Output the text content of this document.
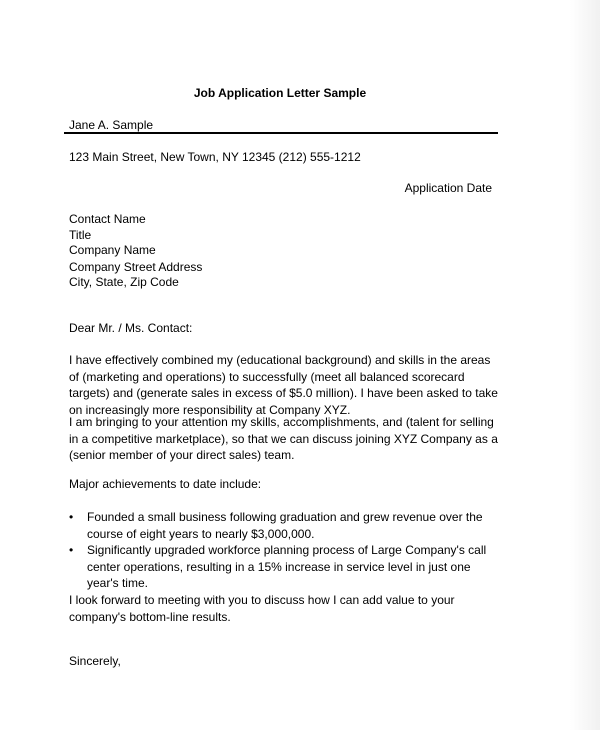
Job Application Letter Sample
Jane A. Sample
123 Main Street, New Town, NY 12345 (212) 555-1212
Application Date
Contact Name
Title
Company Name
Company Street Address
City, State, Zip Code
Dear Mr. / Ms. Contact:
I have effectively combined my (educational background) and skills in the areas of (marketing and operations) to successfully (meet all balanced scorecard targets) and (generate sales in excess of $5.0 million). I have been asked to take on increasingly more responsibility at Company XYZ.
I am bringing to your attention my skills, accomplishments, and (talent for selling in a competitive marketplace), so that we can discuss joining XYZ Company as a (senior member of your direct sales) team.
Major achievements to date include:
• Founded a small business following graduation and grew revenue over the course of eight years to nearly $3,000,000.
• Significantly upgraded workforce planning process of Large Company's call center operations, resulting in a 15% increase in service level in just one year's time.
I look forward to meeting with you to discuss how I can add value to your company's bottom-line results.
Sincerely,
